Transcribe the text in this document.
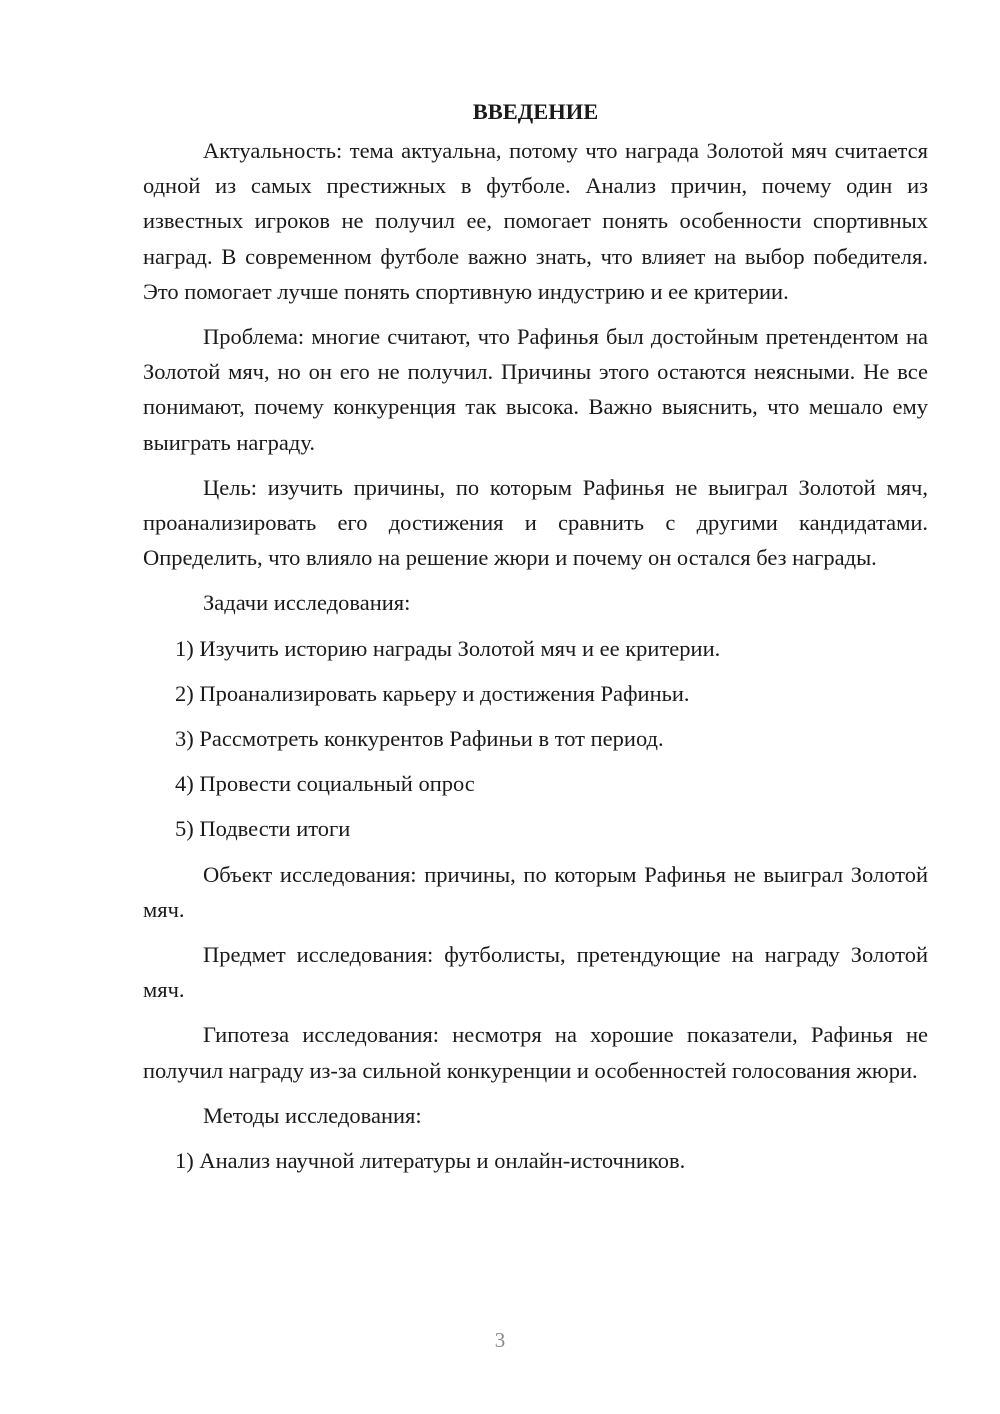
ВВЕДЕНИЕ
Актуальность: тема актуальна, потому что награда Золотой мяч считается одной из самых престижных в футболе. Анализ причин, почему один из известных игроков не получил ее, помогает понять особенности спортивных наград. В современном футболе важно знать, что влияет на выбор победителя. Это помогает лучше понять спортивную индустрию и ее критерии.
Проблема: многие считают, что Рафинья был достойным претендентом на Золотой мяч, но он его не получил. Причины этого остаются неясными. Не все понимают, почему конкуренция так высока. Важно выяснить, что мешало ему выиграть награду.
Цель: изучить причины, по которым Рафинья не выиграл Золотой мяч, проанализировать его достижения и сравнить с другими кандидатами. Определить, что влияло на решение жюри и почему он остался без награды.
Задачи исследования:
1) Изучить историю награды Золотой мяч и ее критерии.
2) Проанализировать карьеру и достижения Рафиньи.
3) Рассмотреть конкурентов Рафиньи в тот период.
4) Провести социальный опрос
5) Подвести итоги
Объект исследования: причины, по которым Рафинья не выиграл Золотой мяч.
Предмет исследования: футболисты, претендующие на награду Золотой мяч.
Гипотеза исследования: несмотря на хорошие показатели, Рафинья не получил награду из-за сильной конкуренции и особенностей голосования жюри.
Методы исследования:
1) Анализ научной литературы и онлайн-источников.
3
